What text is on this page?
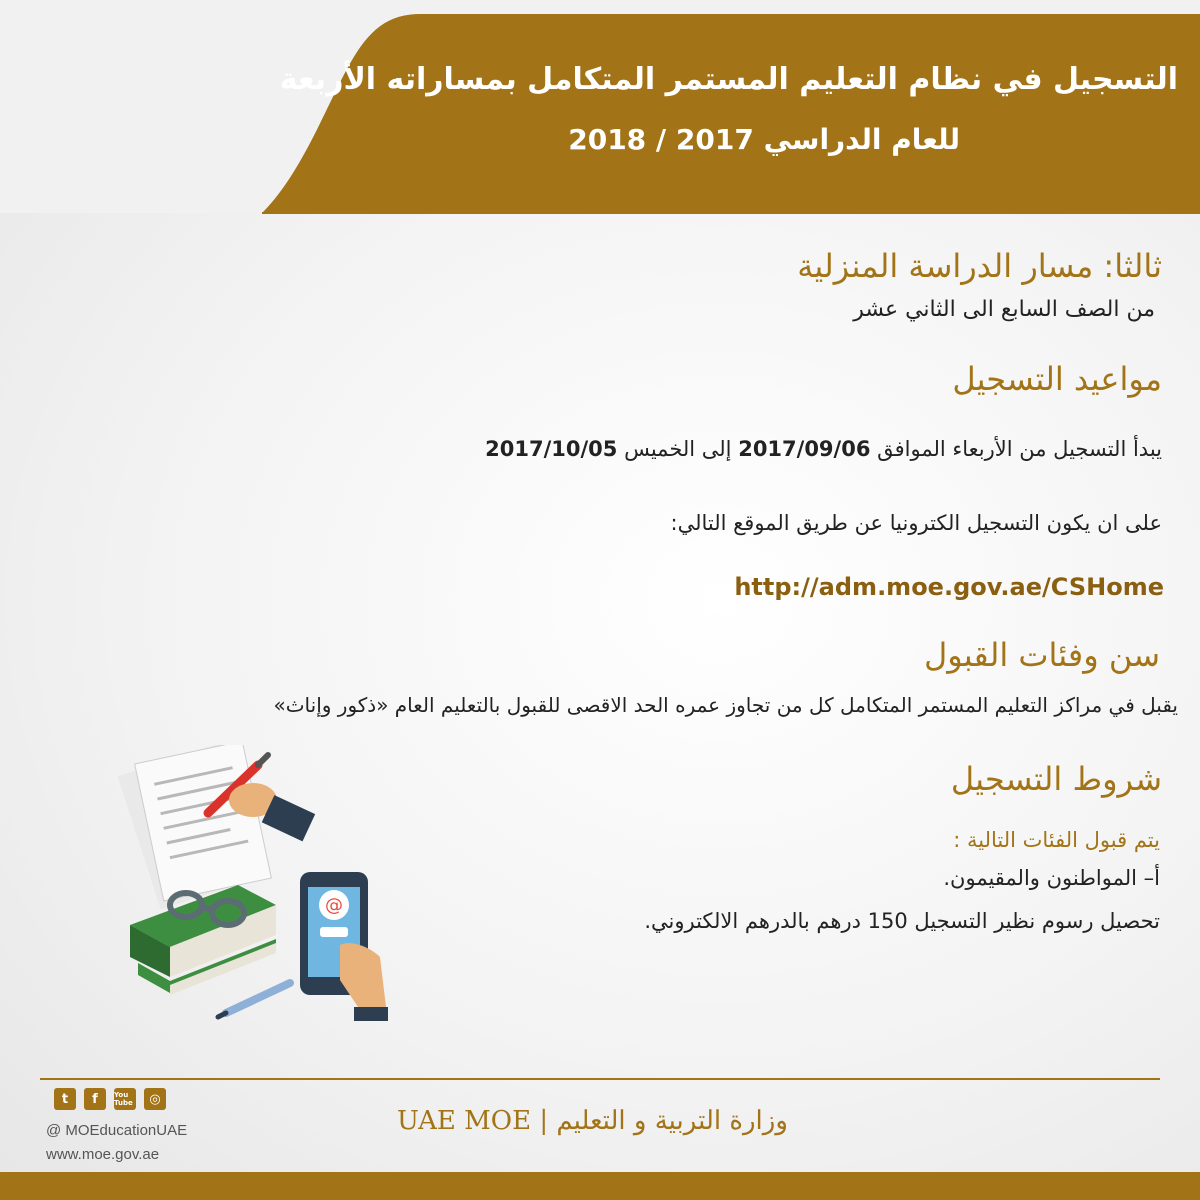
التسجيل في نظام التعليم المستمر المتكامل بمساراته الأربعة
للعام الدراسي 2017 / 2018
ثالثا: مسار الدراسة المنزلية
من الصف السابع الى الثاني عشر
مواعيد التسجيل
يبدأ التسجيل من الأربعاء الموافق 2017/09/06 إلى الخميس 2017/10/05
على ان يكون التسجيل الكترونيا عن طريق الموقع التالي:
http://adm.moe.gov.ae/CSHome
سن وفئات القبول
يقبل في مراكز التعليم المستمر المتكامل كل من تجاوز عمره الحد الاقصى للقبول بالتعليم العام «ذكور وإناث»
شروط التسجيل
يتم قبول الفئات التالية :
أ– المواطنون والمقيمون.
تحصيل رسوم نظير التسجيل 150 درهم بالدرهم الالكتروني.
@
t	f	You Tube	◎
@ MOEducationUAE
www.moe.gov.ae
UAE MOE | وزارة التربية و التعليم
